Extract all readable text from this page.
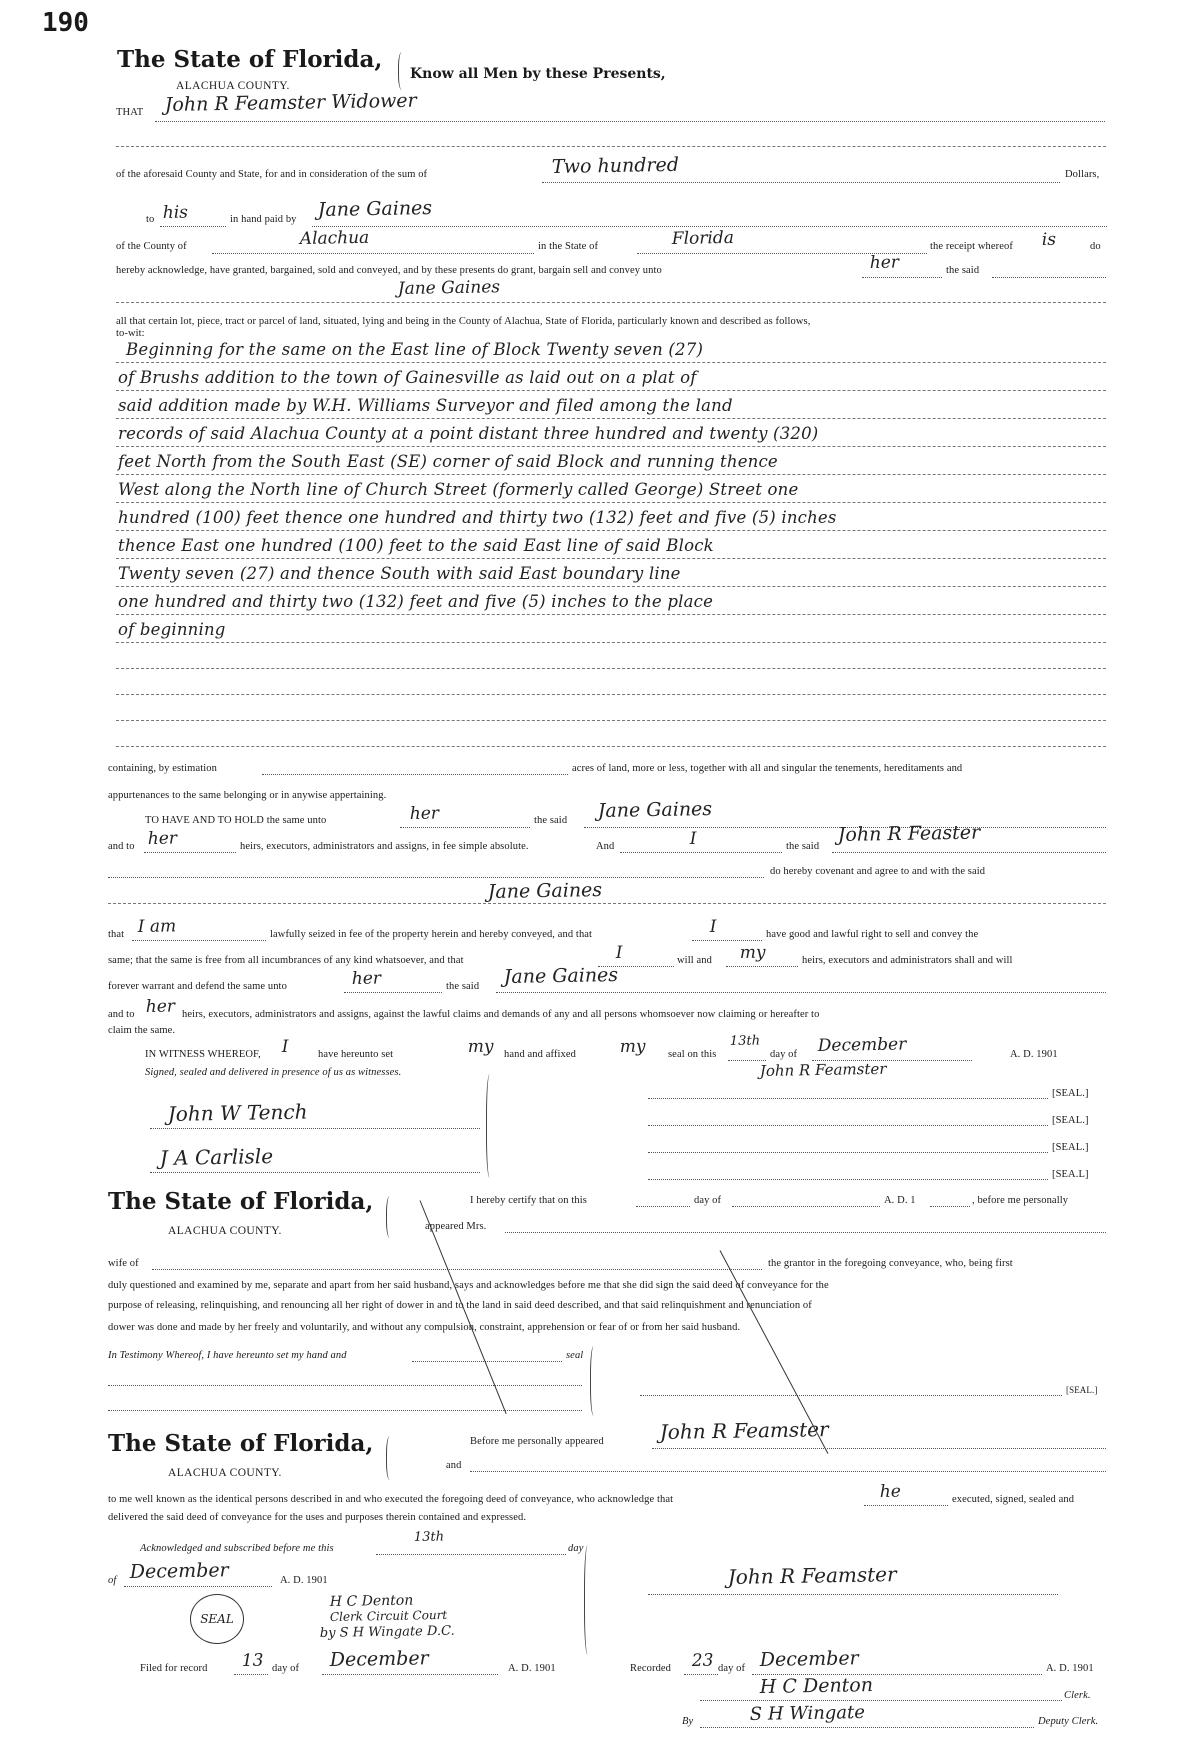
190
The State of Florida,
ALACHUA COUNTY.
Know all Men by these Presents,
THAT John R Feamster Widower
of the aforesaid County and State, for and in consideration of the sum of	Two hundred	Dollars,
to his	in hand paid by Jane Gaines
of the County of	Alachua	in the State of	Florida	the receipt whereof is	do
hereby acknowledge, have granted, bargained, sold and conveyed, and by these presents do grant, bargain sell and convey unto	her	the said
Jane Gaines
all that certain lot, piece, tract or parcel of land, situated, lying and being in the County of Alachua, State of Florida, particularly known and described as follows,
to-wit:
Beginning for the same on the East line of Block Twenty seven (27)
of Brushs addition to the town of Gainesville as laid out on a plat of
said addition made by W.H. Williams Surveyor and filed among the land
records of said Alachua County at a point distant three hundred and twenty (320)
feet North from the South East (SE) corner of said Block and running thence
West along the North line of Church Street (formerly called George) Street one
hundred (100) feet thence one hundred and thirty two (132) feet and five (5) inches
thence East one hundred (100) feet to the said East line of said Block
Twenty seven (27) and thence South with said East boundary line
one hundred and thirty two (132) feet and five (5) inches to the place
of beginning
containing, by estimation	acres of land, more or less, together with all and singular the tenements, hereditaments and
appurtenances to the same belonging or in anywise appertaining.
TO HAVE AND TO HOLD the same unto	her	the said Jane Gaines
and to her	heirs, executors, administrators and assigns, in fee simple absolute.	And	I	the said
John R Feaster
do hereby covenant and agree to and with the said
Jane Gaines
that I am	lawfully seized in fee of the property herein and hereby conveyed, and that	I	have good and lawful right to sell and convey the
same; that the same is free from all incumbrances of any kind whatsoever, and that	I	will and my	heirs, executors and administrators shall and will
forever warrant and defend the same unto	her	the said Jane Gaines
and to her heirs, executors, administrators and assigns, against the lawful claims and demands of any and all persons whomsoever now claiming or hereafter to
claim the same.
IN WITNESS WHEREOF, I	have hereunto set	my hand and affixed	my seal on this
13th
day of December	A. D. 1901
Signed, sealed and delivered in presence of us as witnesses.	John R Feamster
[SEAL.]
[SEAL.]
[SEAL.]
[SEA.L]
John W Tench
J A Carlisle
The State of Florida,
ALACHUA COUNTY.
I hereby certify that on this	day of	A. D. 1	, before me personally
appeared Mrs.
wife of	the grantor in the foregoing conveyance, who, being first
duly questioned and examined by me, separate and apart from her said husband, says and acknowledges before me that she did sign the said deed of conveyance for the
purpose of releasing, relinquishing, and renouncing all her right of dower in and to the land in said deed described, and that said relinquishment and renunciation of
dower was done and made by her freely and voluntarily, and without any compulsion, constraint, apprehension or fear of or from her said husband.
In Testimony Whereof, I have hereunto set my hand and	seal
[SEAL.]
The State of Florida,
ALACHUA COUNTY.
Before me personally appeared	John R Feamster
and
to me well known as the identical persons described in and who executed the foregoing deed of conveyance, who acknowledge that	he	executed, signed, sealed and
delivered the said deed of conveyance for the uses and purposes therein contained and expressed.
Acknowledged and subscribed before me this
13th
day
of December	A. D. 1901	John R Feamster
SEAL
H C Denton
Clerk Circuit Court
by S H Wingate D.C.
Filed for record 13 day of December	A. D. 1901	Recorded 23 day of December	A. D. 1901
H C Denton	Clerk.
By	S H Wingate	Deputy Clerk.
